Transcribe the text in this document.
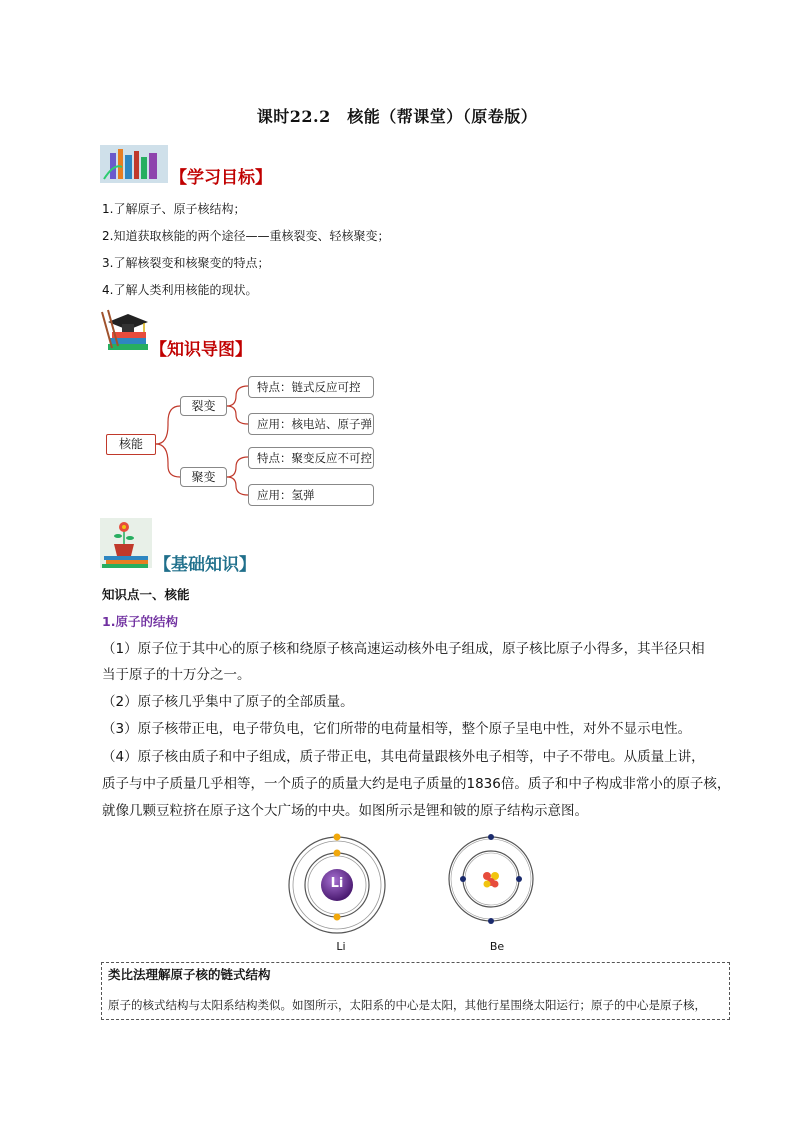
课时22.2　核能（帮课堂）（原卷版）
【学习目标】
1.了解原子、原子核结构；
2.知道获取核能的两个途径——重核裂变、轻核聚变；
3.了解核裂变和核聚变的特点；
4.了解人类利用核能的现状。
【知识导图】
核能
裂变
聚变
特点：链式反应可控
应用：核电站、原子弹
特点：聚变反应不可控
应用：氢弹
【基础知识】
知识点一、核能
1.原子的结构
（1）原子位于其中心的原子核和绕原子核高速运动核外电子组成，原子核比原子小得多，其半径只相
当于原子的十万分之一。
（2）原子核几乎集中了原子的全部质量。
（3）原子核带正电，电子带负电，它们所带的电荷量相等，整个原子呈电中性，对外不显示电性。
（4）原子核由质子和中子组成，质子带正电，其电荷量跟核外电子相等，中子不带电。从质量上讲，
质子与中子质量几乎相等，一个质子的质量大约是电子质量的1836倍。质子和中子构成非常小的原子核，
就像几颗豆粒挤在原子这个大广场的中央。如图所示是锂和铍的原子结构示意图。
Li
Li	Be
类比法理解原子核的链式结构
原子的核式结构与太阳系结构类似。如图所示，太阳系的中心是太阳，其他行星围绕太阳运行；原子的中心是原子核，
